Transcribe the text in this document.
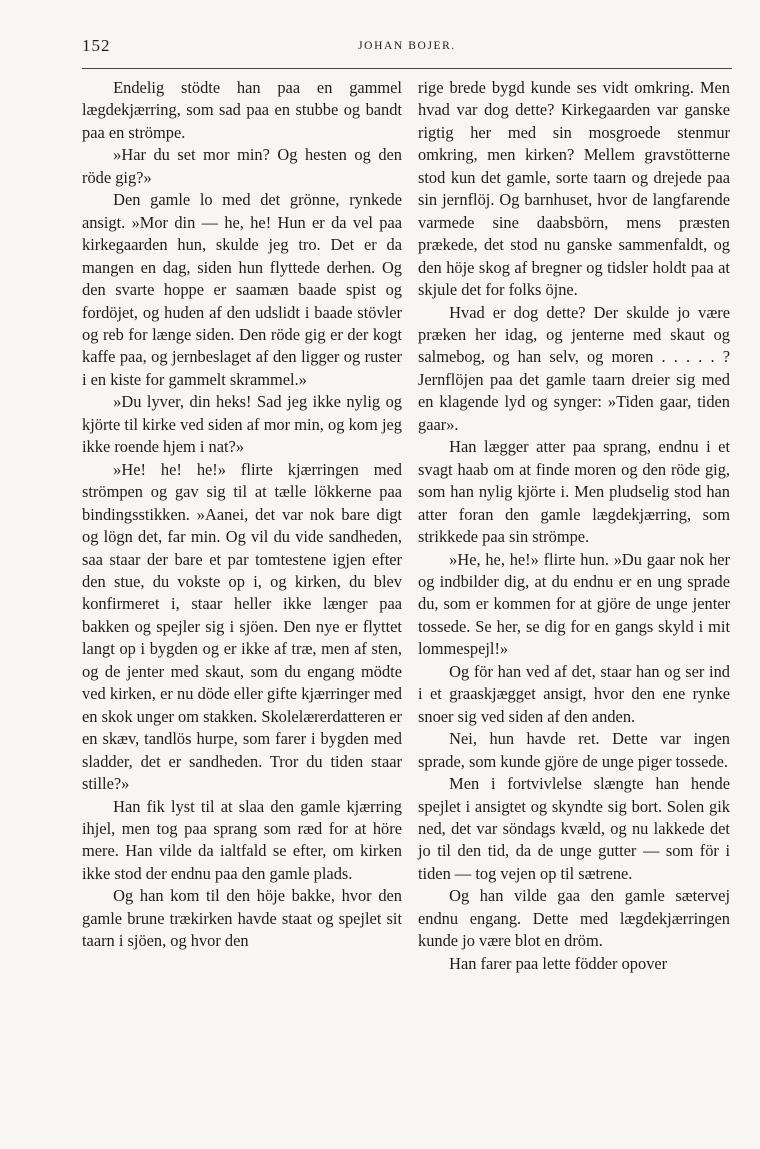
152	JOHAN BOJER.

Endelig stödte han paa en gammel lægdekjærring, som sad paa en stubbe og bandt paa en strömpe.

»Har du set mor min? Og hesten og den röde gig?»

Den gamle lo med det grönne, rynkede ansigt. »Mor din — he, he! Hun er da vel paa kirkegaarden hun, skulde jeg tro. Det er da mangen en dag, siden hun flyttede derhen. Og den svarte hoppe er saamæn baade spist og fordöjet, og huden af den udslidt i baade stövler og reb for længe siden. Den röde gig er der kogt kaffe paa, og jernbeslaget af den ligger og ruster i en kiste for gammelt skrammel.»

»Du lyver, din heks! Sad jeg ikke nylig og kjörte til kirke ved siden af mor min, og kom jeg ikke roende hjem i nat?»

»He! he! he!» flirte kjærringen med strömpen og gav sig til at tælle lökkerne paa bindingsstikken. »Aanei, det var nok bare digt og lögn det, far min. Og vil du vide sandheden, saa staar der bare et par tomtestene igjen efter den stue, du vokste op i, og kirken, du blev konfirmeret i, staar heller ikke længer paa bakken og spejler sig i sjöen. Den nye er flyttet langt op i bygden og er ikke af træ, men af sten, og de jenter med skaut, som du engang mödte ved kirken, er nu döde eller gifte kjærringer med en skok unger om stakken. Skolelærerdatteren er en skæv, tandlös hurpe, som farer i bygden med sladder, det er sandheden. Tror du tiden staar stille?»

Han fik lyst til at slaa den gamle kjærring ihjel, men tog paa sprang som ræd for at höre mere. Han vilde da ialtfald se efter, om kirken ikke stod der endnu paa den gamle plads.

Og han kom til den höje bakke, hvor den gamle brune trækirken havde staat og spejlet sit taarn i sjöen, og hvor den

rige brede bygd kunde ses vidt omkring. Men hvad var dog dette? Kirkegaarden var ganske rigtig her med sin mosgroede stenmur omkring, men kirken? Mellem gravstötterne stod kun det gamle, sorte taarn og drejede paa sin jernflöj. Og barnhuset, hvor de langfarende varmede sine daabsbörn, mens præsten prækede, det stod nu ganske sammenfaldt, og den höje skog af bregner og tidsler holdt paa at skjule det for folks öjne.

Hvad er dog dette? Der skulde jo være præken her idag, og jenterne med skaut og salmebog, og han selv, og moren . . . . . ? Jernflöjen paa det gamle taarn dreier sig med en klagende lyd og synger: »Tiden gaar, tiden gaar».

Han lægger atter paa sprang, endnu i et svagt haab om at finde moren og den röde gig, som han nylig kjörte i. Men pludselig stod han atter foran den gamle lægdekjærring, som strikkede paa sin strömpe.

»He, he, he!» flirte hun. »Du gaar nok her og indbilder dig, at du endnu er en ung sprade du, som er kommen for at gjöre de unge jenter tossede. Se her, se dig for en gangs skyld i mit lommespejl!»

Og för han ved af det, staar han og ser ind i et graaskjægget ansigt, hvor den ene rynke snoer sig ved siden af den anden.

Nei, hun havde ret. Dette var ingen sprade, som kunde gjöre de unge piger tossede.

Men i fortvivlelse slængte han hende spejlet i ansigtet og skyndte sig bort. Solen gik ned, det var söndags kvæld, og nu lakkede det jo til den tid, da de unge gutter — som för i tiden — tog vejen op til sætrene.

Og han vilde gaa den gamle sætervej endnu engang. Dette med lægdekjærringen kunde jo være blot en dröm.

Han farer paa lette födder opover
